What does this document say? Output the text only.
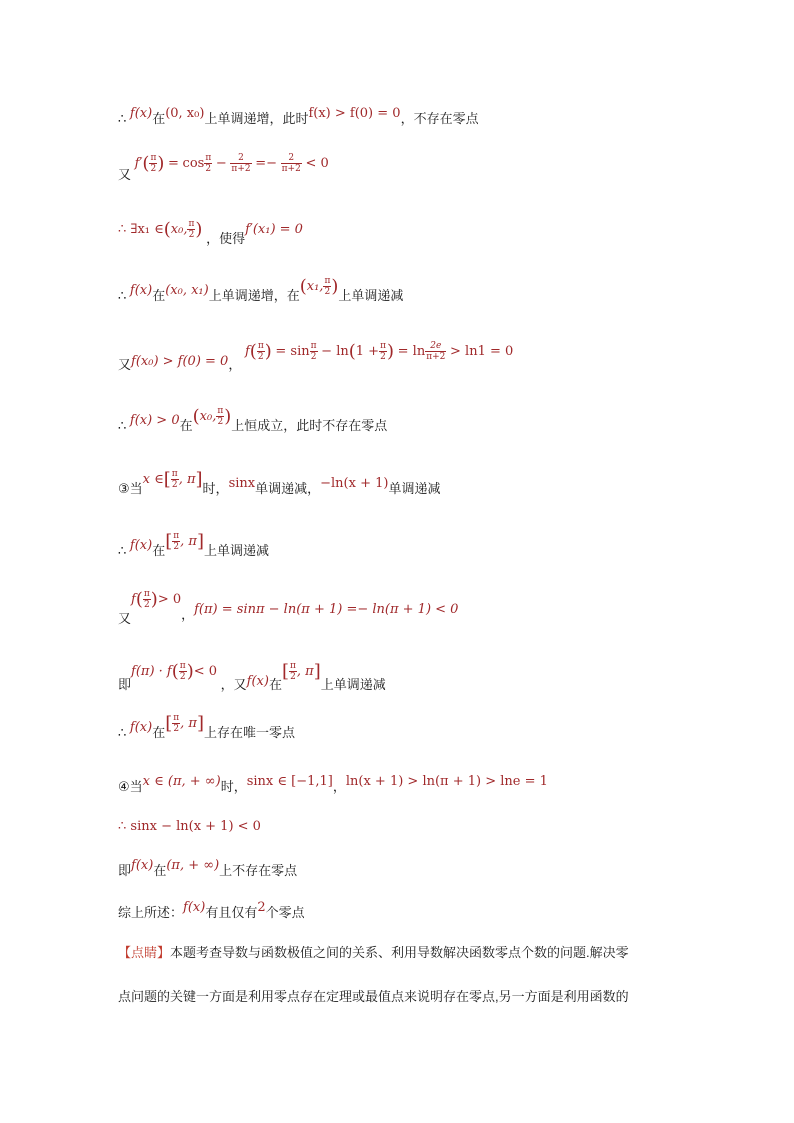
∴ f(x)在(0, x₀)上单调递增，此时f(x) > f(0) = 0，不存在零点
又 $f'( \frac{\pi}{2}$ ) = $\cos \frac{\pi}{2} - \frac{2}{\pi+2} =- \frac{2}{\pi+2} < 0$
∴ ∃x₁ ∈(x₀, $\frac{\pi}{2}$ ) ，使得f′(x₁) = 0
∴ f(x)在(x₀, x₁)上单调递增，在(x₁, $\frac{\pi}{2}$ )上单调递减
又f(x₀) > f(0) = 0， $f( \frac{\pi}{2}$ ) = $\sin \frac{\pi}{2} - \ln(1 + \frac{\pi}{2}$ ) = $\ln \frac{2e}{\pi+2} > \ln 1 = 0$
∴ f(x) > 0在(x₀, $\frac{\pi}{2}$ )上恒成立，此时不存在零点
③当x ∈[ $\frac{\pi}{2}$ , π]时，sinx单调递减，−ln(x + 1)单调递减
∴ f(x)在[ $\frac{\pi}{2}$ , π]上单调递减
又$f( \frac{\pi}{2}$ )> 0，f(π) = sinπ − ln(π + 1) =− ln(π + 1) < 0
即$f(\pi) \cdot f( \frac{\pi}{2}$ )< 0 ，又f(x)在[ $\frac{\pi}{2}$ , π]上单调递减
∴ f(x)在[ $\frac{\pi}{2}$ , π]上存在唯一零点
④当x ∈ (π, + ∞)时，sinx ∈ [−1,1]，ln(x + 1) > ln(π + 1) > lne = 1
∴ sinx − ln(x + 1) < 0
即f(x)在(π, + ∞)上不存在零点
综上所述：f(x)有且仅有2个零点
【点睛】本题考查导数与函数极值之间的关系、利用导数解决函数零点个数的问题.解决零
点问题的关键一方面是利用零点存在定理或最值点来说明存在零点,另一方面是利用函数的
